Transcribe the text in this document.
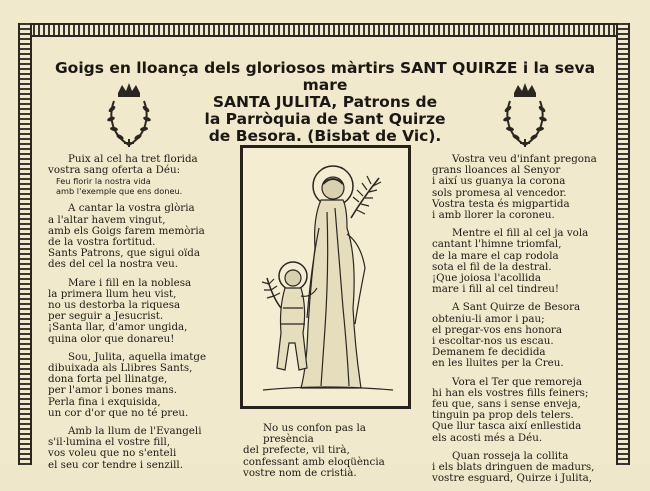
Goigs en lloança dels gloriosos màrtirs SANT QUIRZE i la seva mare
SANTA JULITA, Patrons de
la Parròquia de Sant Quirze
de Besora. (Bisbat de Vic).

Puix al cel ha tret florida

vostra sang oferta a Déu:

Feu florir la nostra vida

amb l'exemple que ens doneu.

A cantar la vostra glòria

a l'altar havem vingut,

amb els Goigs farem memòria

de la vostra fortitud.

Sants Patrons, que sigui oïda

des del cel la nostra veu.

Mare i fill en la noblesa

la primera llum heu vist,

no us destorba la riquesa

per seguir a Jesucrist.

¡Santa llar, d'amor ungida,

quina olor que donareu!

Sou, Julita, aquella imatge

dibuixada als Llibres Sants,

dona forta pel llinatge,

per l'amor i bones mans.

Perla fina i exquisida,

un cor d'or que no té preu.

Amb la llum de l'Evangeli

s'il·lumina el vostre fill,

vos voleu que no s'enteli

el seu cor tendre i senzill.

No us confon pas la presència

del prefecte, vil tirà,

confessant amb eloqüència

vostre nom de cristià.

Vostra veu d'infant pregona

grans lloances al Senyor

i així us guanya la corona

sols promesa al vencedor.

Vostra testa és migpartida

i amb llorer la coroneu.

Mentre el fill al cel ja vola

cantant l'himne triomfal,

de la mare el cap rodola

sota el fil de la destral.

¡Que joiosa l'acollida

mare i fill al cel tindreu!

A Sant Quirze de Besora

obteniu-li amor i pau;

el pregar-vos ens honora

i escoltar-nos us escau.

Demanem fe decidida

en les lluites per la Creu.

Vora el Ter que remoreja

hi han els vostres fills feiners;

feu que, sans i sense enveja,

tinguin pa prop dels telers.

Que llur tasca així enllestida

els acosti més a Déu.

Quan rosseja la collita

i els blats dringuen de madurs,

vostre esguard, Quirze i Julita,
